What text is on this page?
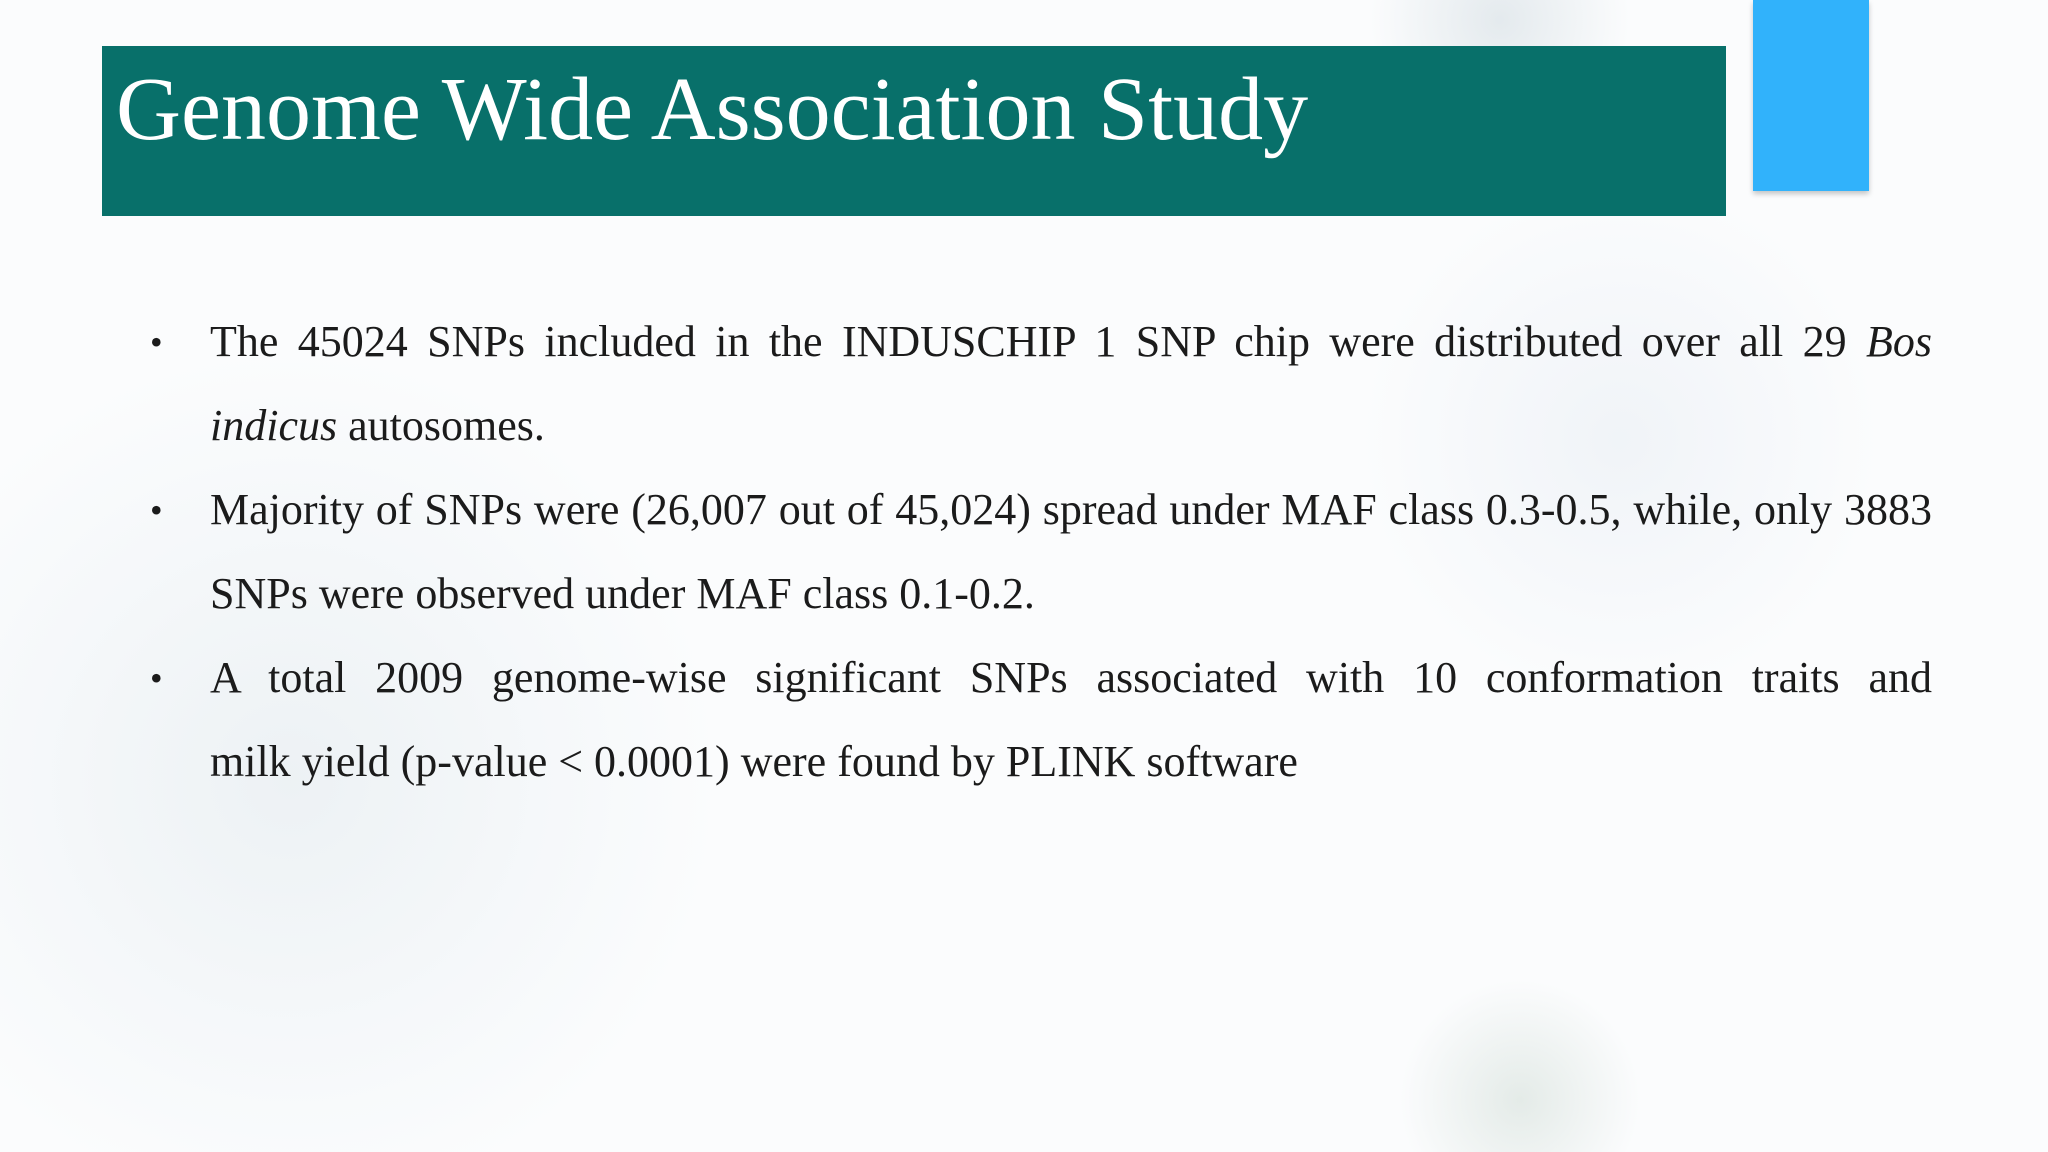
Genome Wide Association Study
• The 45024 SNPs included in the INDUSCHIP 1 SNP chip were distributed over all 29 Bos indicus autosomes.
• Majority of SNPs were (26,007 out of 45,024) spread under MAF class 0.3-0.5, while, only 3883 SNPs were observed under MAF class 0.1-0.2.
• A total 2009 genome-wise significant SNPs associated with 10 conformation traits and
milk yield (p-value < 0.0001) were found by PLINK software
